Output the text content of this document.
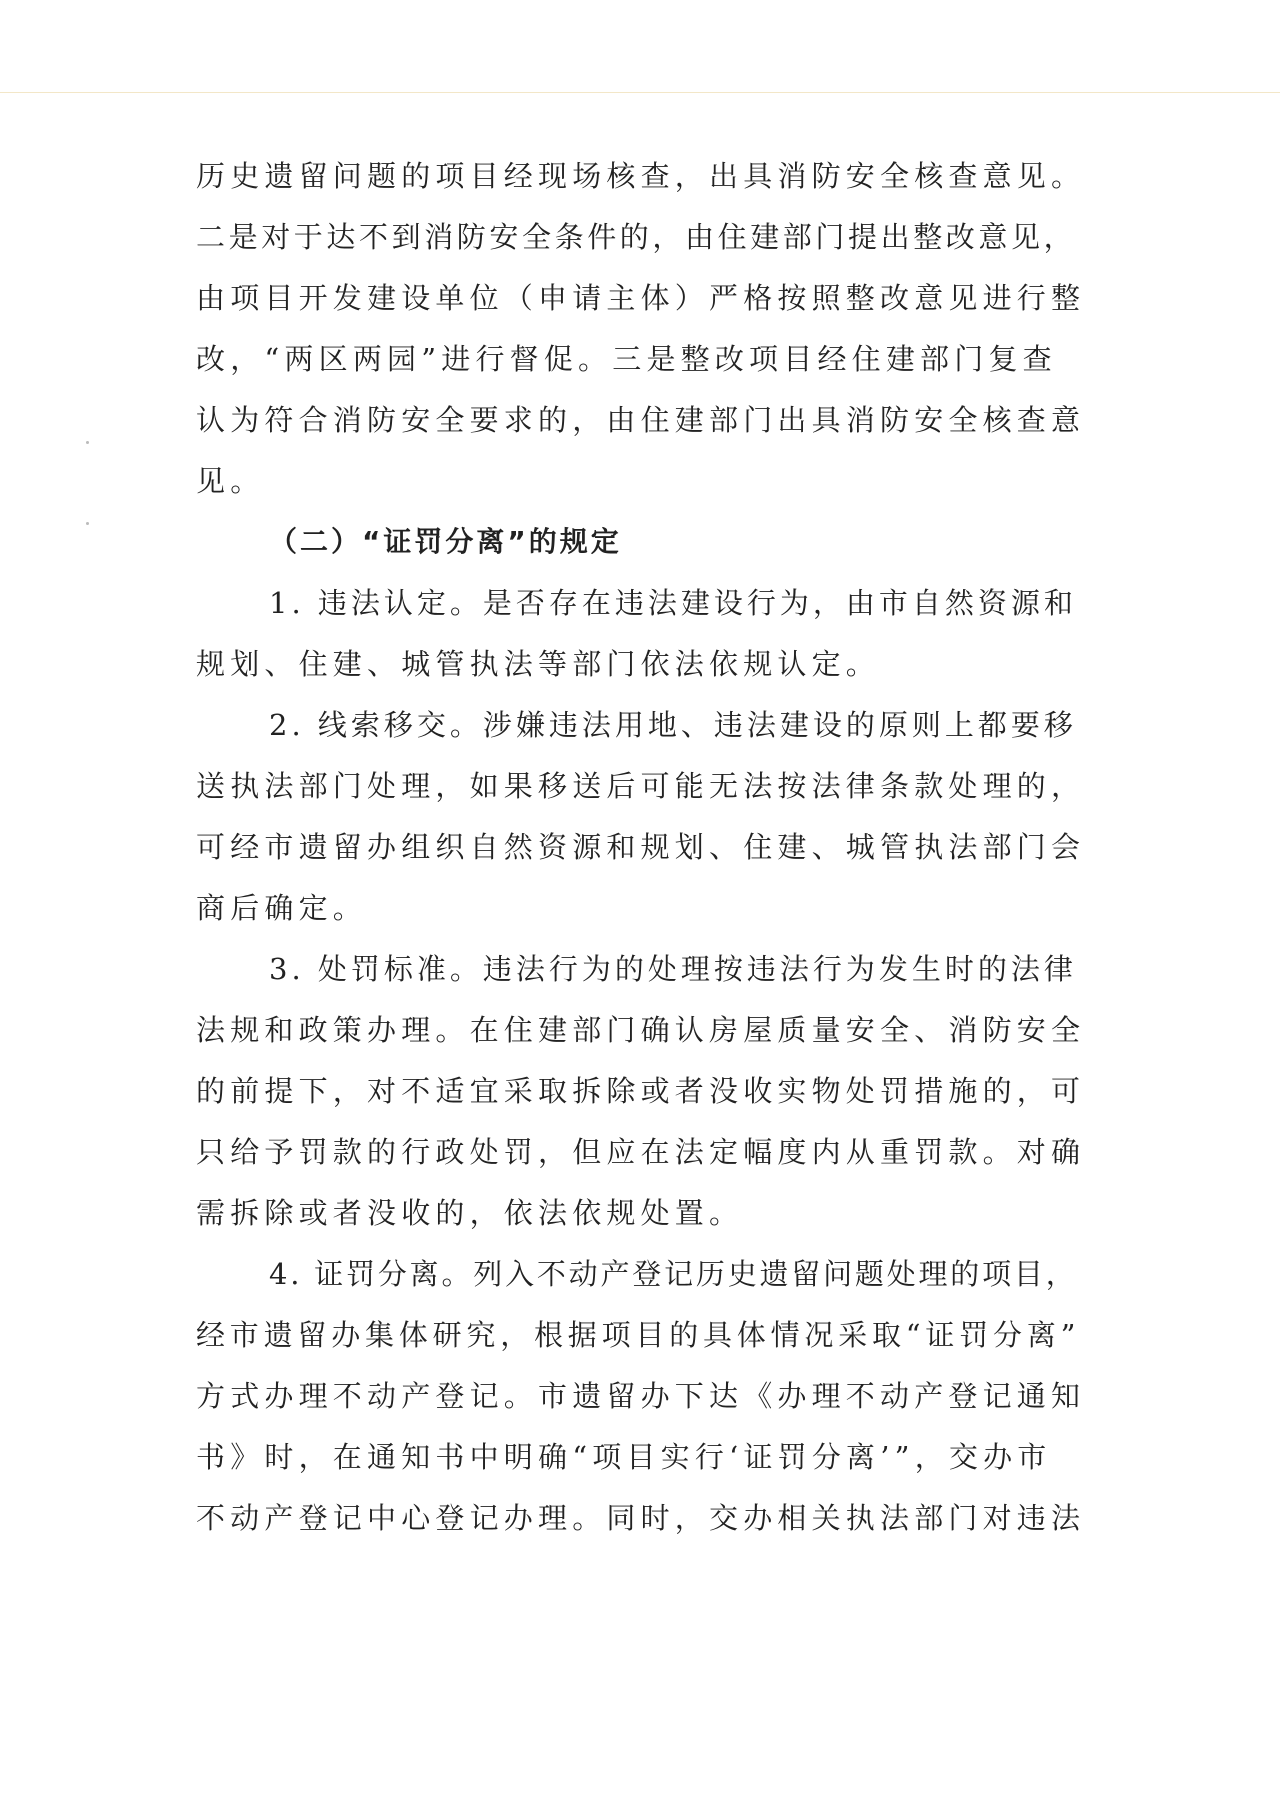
历史遗留问题的项目经现场核查，出具消防安全核查意见。
二是对于达不到消防安全条件的，由住建部门提出整改意见，
由项目开发建设单位（申请主体）严格按照整改意见进行整
改，“两区两园”进行督促。三是整改项目经住建部门复查
认为符合消防安全要求的，由住建部门出具消防安全核查意
见。
（二）“证罚分离”的规定
1. 违法认定。是否存在违法建设行为，由市自然资源和
规划、住建、城管执法等部门依法依规认定。
2. 线索移交。涉嫌违法用地、违法建设的原则上都要移
送执法部门处理，如果移送后可能无法按法律条款处理的，
可经市遗留办组织自然资源和规划、住建、城管执法部门会
商后确定。
3. 处罚标准。违法行为的处理按违法行为发生时的法律
法规和政策办理。在住建部门确认房屋质量安全、消防安全
的前提下，对不适宜采取拆除或者没收实物处罚措施的，可
只给予罚款的行政处罚，但应在法定幅度内从重罚款。对确
需拆除或者没收的，依法依规处置。
4. 证罚分离。列入不动产登记历史遗留问题处理的项目，
经市遗留办集体研究，根据项目的具体情况采取“证罚分离”
方式办理不动产登记。市遗留办下达《办理不动产登记通知
书》时，在通知书中明确“项目实行‘证罚分离’”，交办市
不动产登记中心登记办理。同时，交办相关执法部门对违法
